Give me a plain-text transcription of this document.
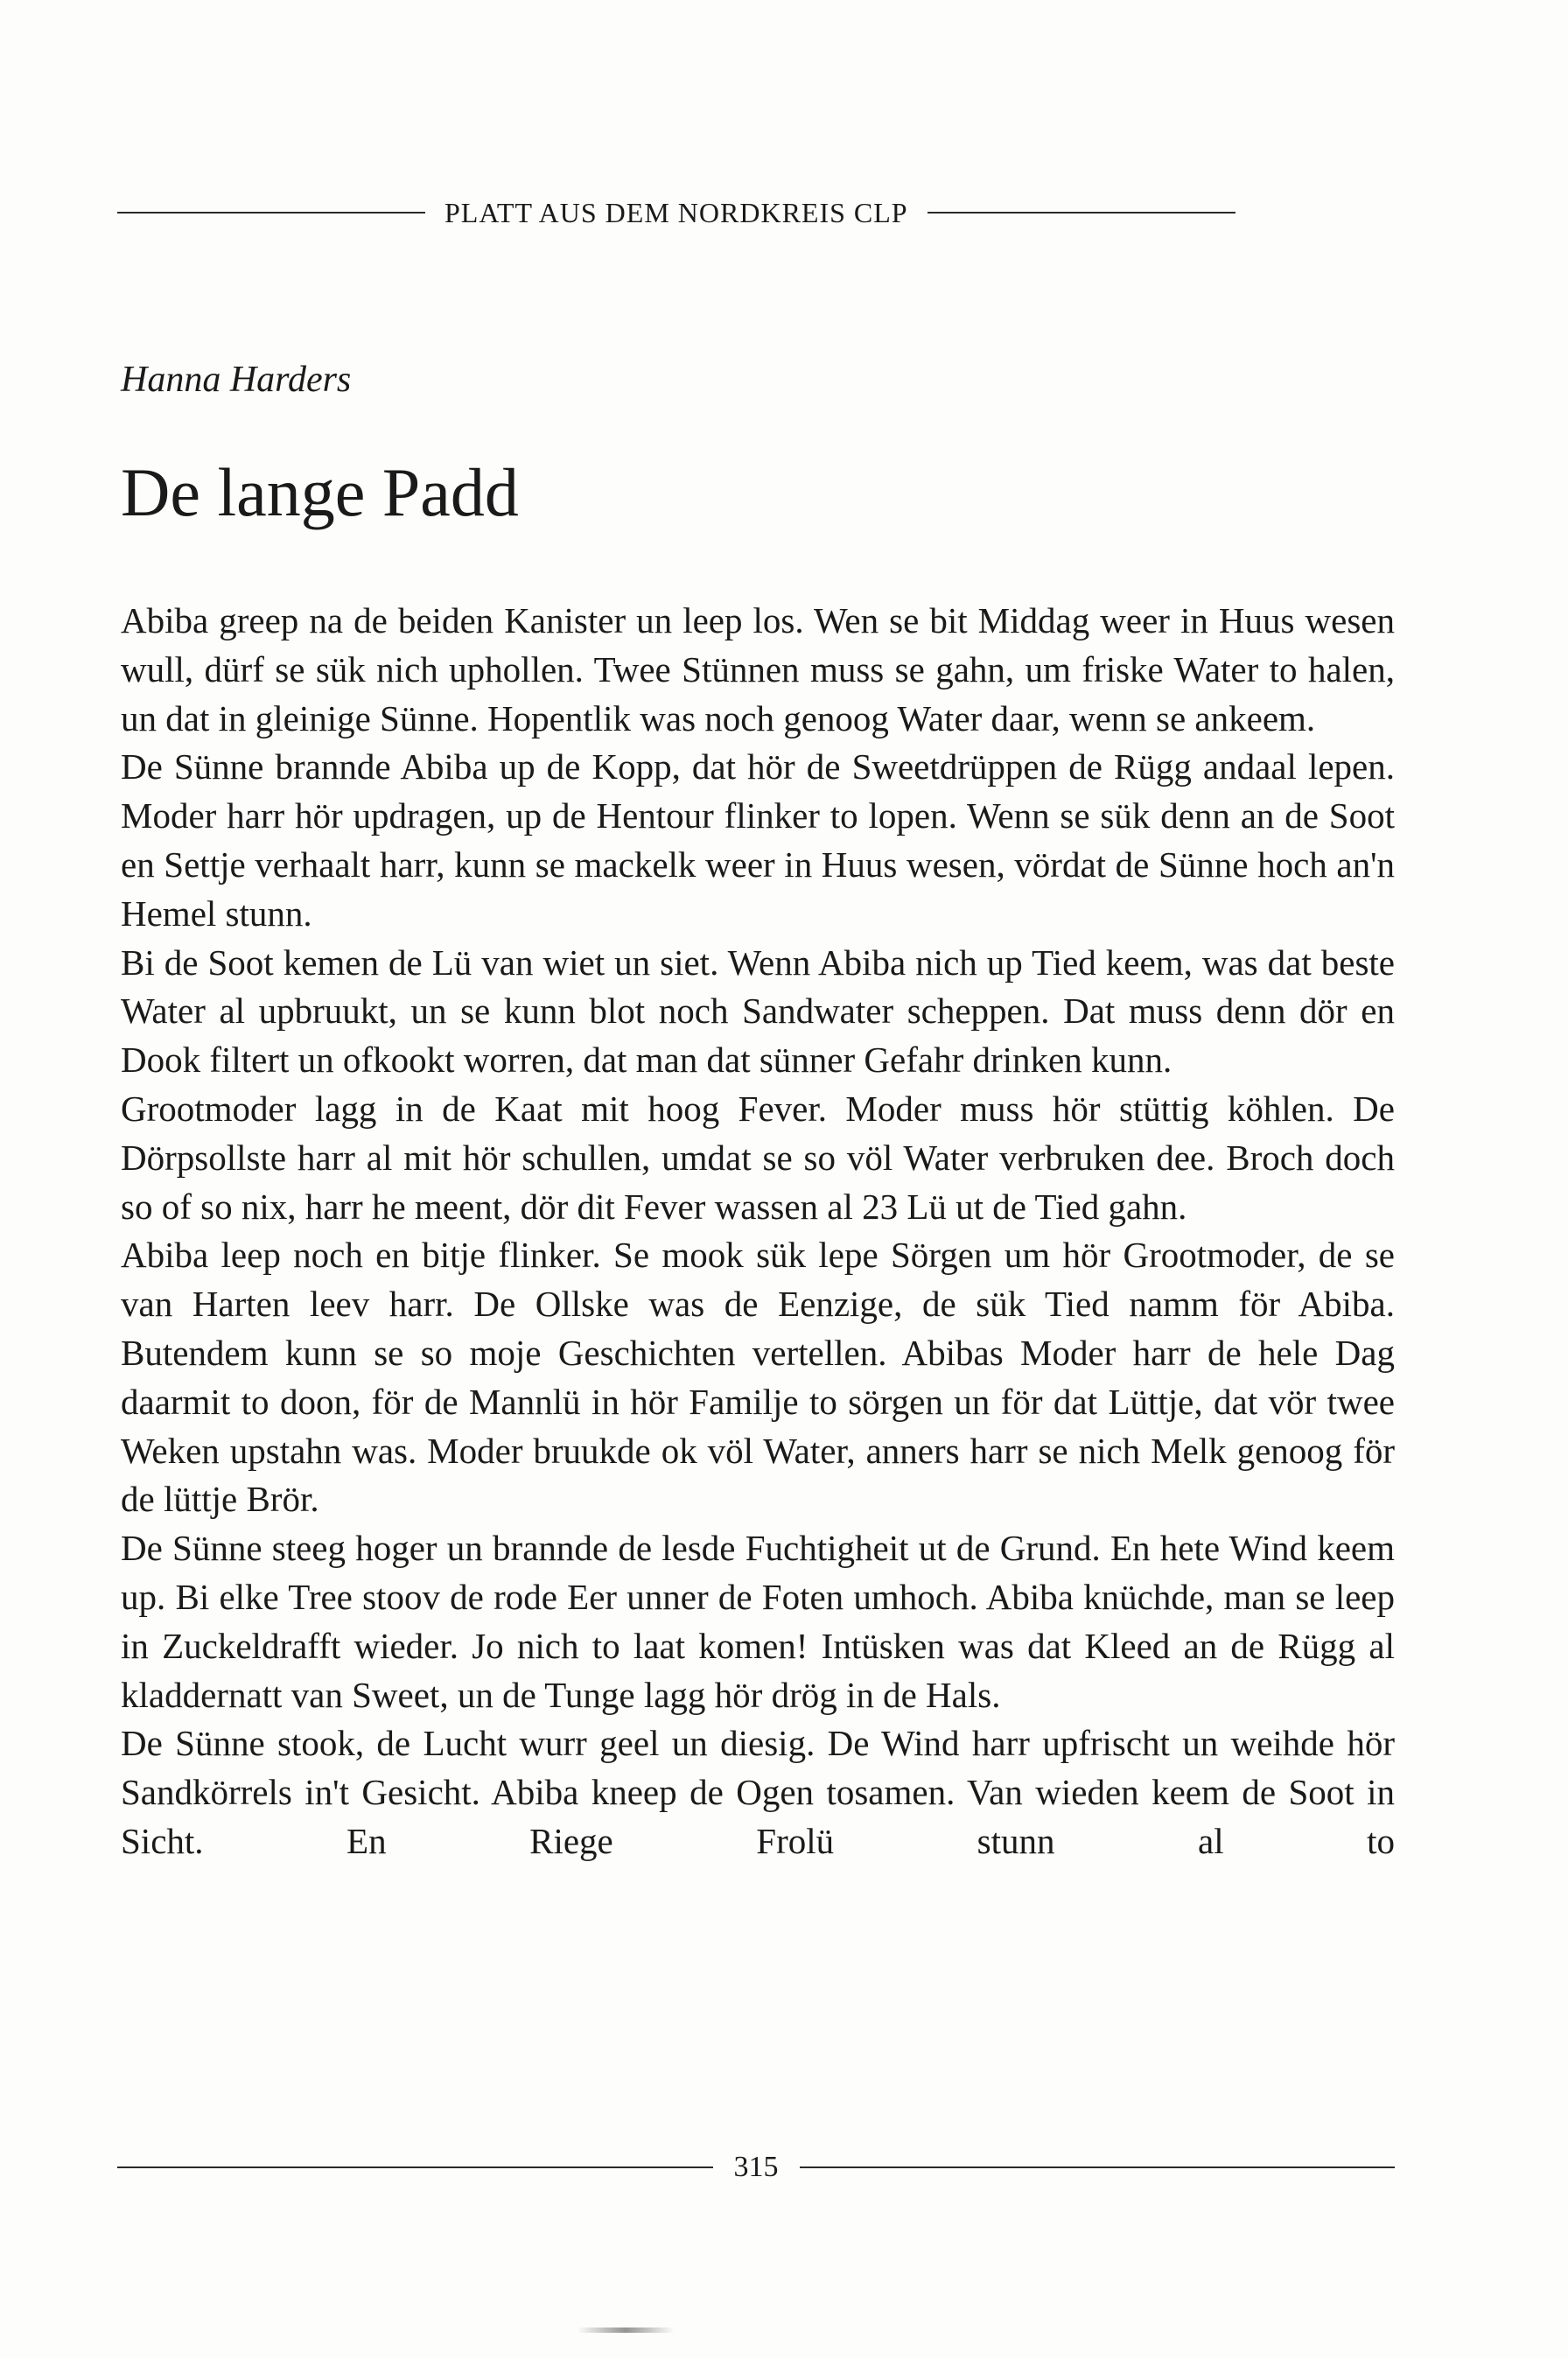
PLATT AUS DEM NORDKREIS CLP

Hanna Harders

De lange Padd

Abiba greep na de beiden Kanister un leep los. Wen se bit Middag weer in Huus wesen wull, dürf se sük nich uphollen. Twee Stünnen muss se gahn, um friske Water to halen, un dat in gleinige Sünne. Hopentlik was noch genoog Water daar, wenn se ankeem.

De Sünne brannde Abiba up de Kopp, dat hör de Sweetdrüppen de Rügg andaal lepen. Moder harr hör updragen, up de Hentour flinker to lopen. Wenn se sük denn an de Soot en Settje verhaalt harr, kunn se mackelk weer in Huus wesen, vördat de Sünne hoch an'n Hemel stunn.

Bi de Soot kemen de Lü van wiet un siet. Wenn Abiba nich up Tied keem, was dat beste Water al upbruukt, un se kunn blot noch Sandwater scheppen. Dat muss denn dör en Dook filtert un ofkookt worren, dat man dat sünner Gefahr drinken kunn.

Grootmoder lagg in de Kaat mit hoog Fever. Moder muss hör stüttig köhlen. De Dörpsollste harr al mit hör schullen, umdat se so völ Water verbruken dee. Broch doch so of so nix, harr he meent, dör dit Fever wassen al 23 Lü ut de Tied gahn.

Abiba leep noch en bitje flinker. Se mook sük lepe Sörgen um hör Grootmoder, de se van Harten leev harr. De Ollske was de Eenzige, de sük Tied namm för Abiba. Butendem kunn se so moje Geschichten vertellen. Abibas Moder harr de hele Dag daarmit to doon, för de Mannlü in hör Familje to sörgen un för dat Lüttje, dat vör twee Weken upstahn was. Moder bruukde ok völ Water, anners harr se nich Melk genoog för de lüttje Brör.

De Sünne steeg hoger un brannde de lesde Fuchtigheit ut de Grund. En hete Wind keem up. Bi elke Tree stoov de rode Eer unner de Foten umhoch. Abiba knüchde, man se leep in Zuckeldrafft wieder. Jo nich to laat komen! Intüsken was dat Kleed an de Rügg al kladdernatt van Sweet, un de Tunge lagg hör drög in de Hals.

De Sünne stook, de Lucht wurr geel un diesig. De Wind harr upfrischt un weihde hör Sandkörrels in't Gesicht. Abiba kneep de Ogen tosamen. Van wieden keem de Soot in Sicht. En Riege Frolü stunn al to

315
